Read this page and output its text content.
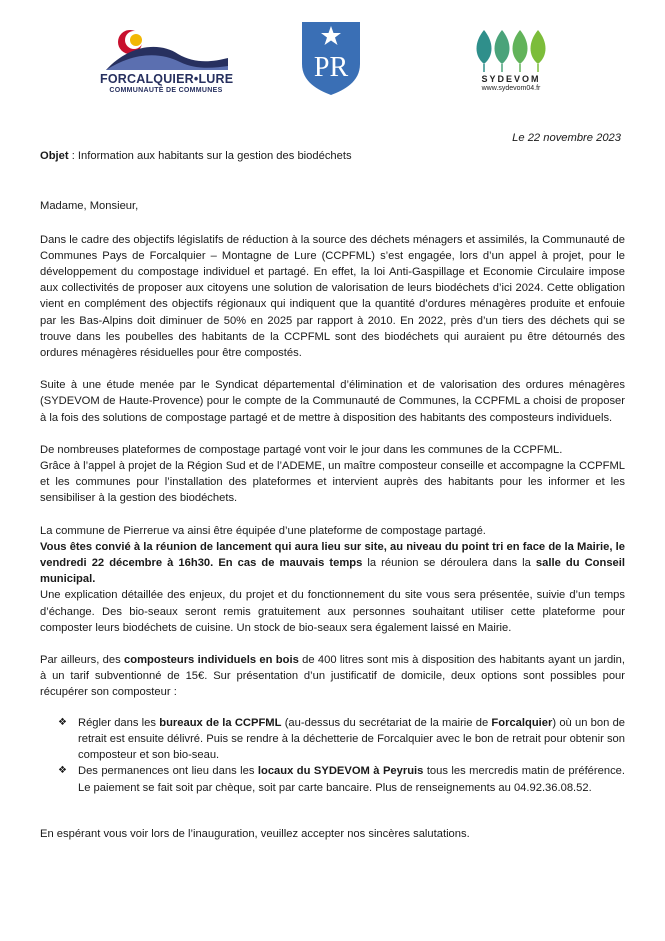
FORCALQUIER•LURE
COMMUNAUTÉ DE COMMUNES
PR	SYDEVOM
www.sydevom04.fr
Le 22 novembre 2023
Objet : Information aux habitants sur la gestion des biodéchets
Madame, Monsieur,

Dans le cadre des objectifs législatifs de réduction à la source des déchets ménagers et assimilés, la Communauté de Communes Pays de Forcalquier – Montagne de Lure (CCPFML) s’est engagée, lors d’un appel à projet, pour le développement du compostage individuel et partagé. En effet, la loi Anti-Gaspillage et Economie Circulaire impose aux collectivités de proposer aux citoyens une solution de valorisation de leurs biodéchets d’ici 2024. Cette obligation vient en complément des objectifs régionaux qui indiquent que la quantité d’ordures ménagères produite et enfouie par les Bas-Alpins doit diminuer de 50% en 2025 par rapport à 2010. En 2022, près d’un tiers des déchets qui se trouve dans les poubelles des habitants de la CCPFML sont des biodéchets qui auraient pu être détournés des ordures ménagères résiduelles pour être compostés.

Suite à une étude menée par le Syndicat départemental d’élimination et de valorisation des ordures ménagères (SYDEVOM de Haute-Provence) pour le compte de la Communauté de Communes, la CCPFML a choisi de proposer à la fois des solutions de compostage partagé et de mettre à disposition des habitants des composteurs individuels.

De nombreuses plateformes de compostage partagé vont voir le jour dans les communes de la CCPFML.

Grâce à l’appel à projet de la Région Sud et de l’ADEME, un maître composteur conseille et accompagne la CCPFML et les communes pour l’installation des plateformes et intervient auprès des habitants pour les informer et les sensibiliser à la gestion des biodéchets.

La commune de Pierrerue va ainsi être équipée d’une plateforme de compostage partagé.

Vous êtes convié à la réunion de lancement qui aura lieu sur site, au niveau du point tri en face de la Mairie, le vendredi 22 décembre à 16h30. En cas de mauvais temps la réunion se déroulera dans la salle du Conseil municipal.

Une explication détaillée des enjeux, du projet et du fonctionnement du site vous sera présentée, suivie d’un temps d’échange. Des bio-seaux seront remis gratuitement aux personnes souhaitant utiliser cette plateforme pour composter leurs biodéchets de cuisine. Un stock de bio-seaux sera également laissé en Mairie.

Par ailleurs, des composteurs individuels en bois de 400 litres sont mis à disposition des habitants ayant un jardin, à un tarif subventionné de 15€. Sur présentation d’un justificatif de domicile, deux options sont possibles pour récupérer son composteur :

❖ Régler dans les bureaux de la CCPFML (au-dessus du secrétariat de la mairie de Forcalquier) où un bon de retrait est ensuite délivré. Puis se rendre à la déchetterie de Forcalquier avec le bon de retrait pour obtenir son composteur et son bio-seau.
❖ Des permanences ont lieu dans les locaux du SYDEVOM à Peyruis tous les mercredis matin de préférence. Le paiement se fait soit par chèque, soit par carte bancaire. Plus de renseignements au 04.92.36.08.52.

En espérant vous voir lors de l’inauguration, veuillez accepter nos sincères salutations.
